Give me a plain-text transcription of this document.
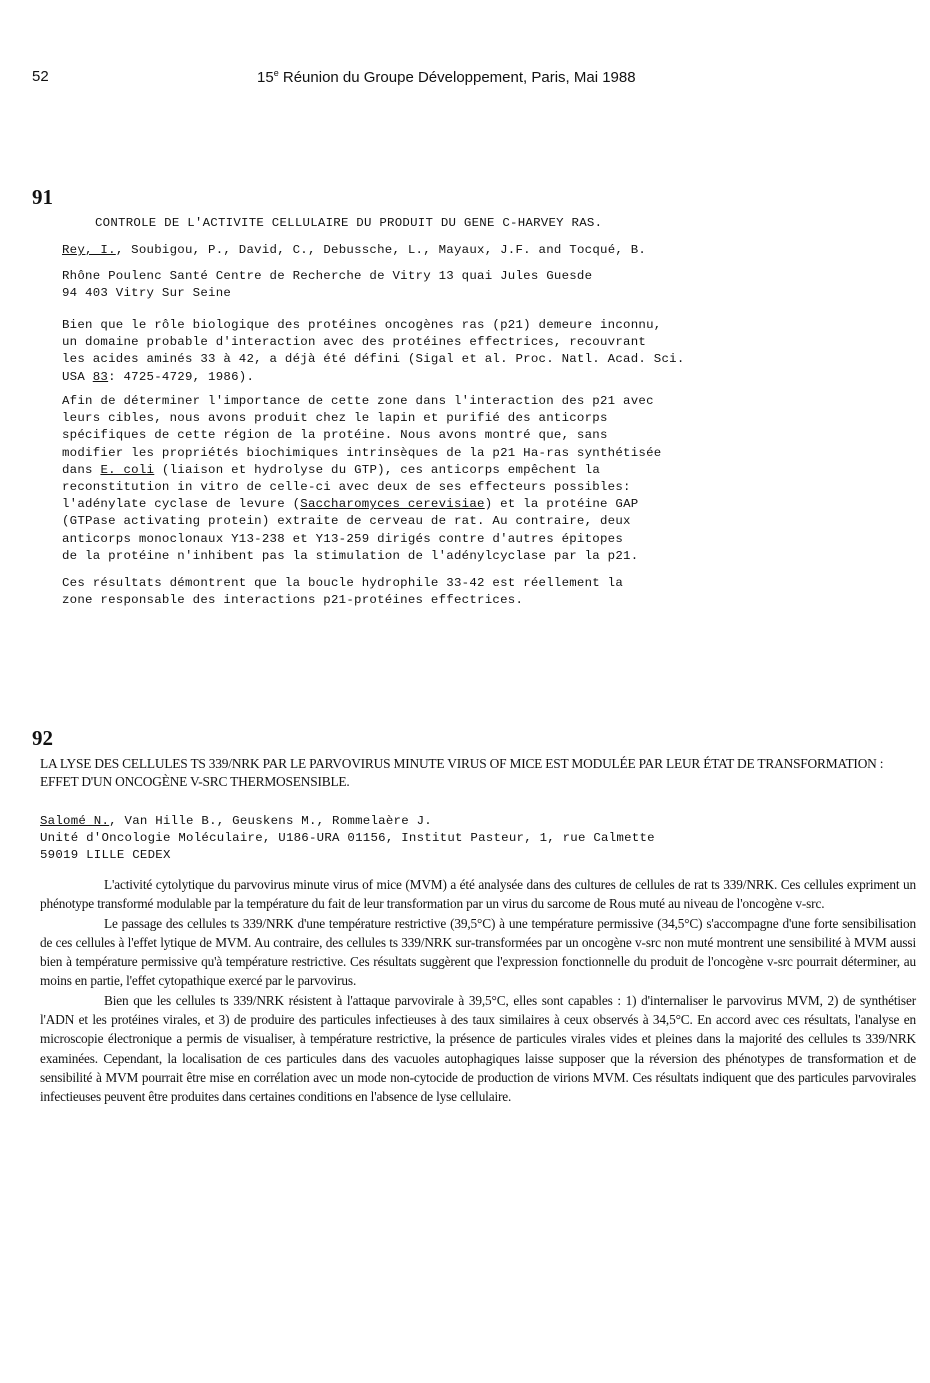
52	15e Réunion du Groupe Développement, Paris, Mai 1988
91
CONTROLE DE L'ACTIVITE CELLULAIRE DU PRODUIT DU GENE C-HARVEY RAS.
Rey, I., Soubigou, P., David, C., Debussche, L., Mayaux, J.F. and Tocqué, B.
Rhône Poulenc Santé Centre de Recherche de Vitry 13 quai Jules Guesde
94 403 Vitry Sur Seine
Bien que le rôle biologique des protéines oncogènes ras (p21) demeure inconnu,
un domaine probable d'interaction avec des protéines effectrices, recouvrant
les acides aminés 33 à 42, a déjà été défini (Sigal et al. Proc. Natl. Acad. Sci.
USA 83: 4725-4729, 1986).
Afin de déterminer l'importance de cette zone dans l'interaction des p21 avec
leurs cibles, nous avons produit chez le lapin et purifié des anticorps
spécifiques de cette région de la protéine. Nous avons montré que, sans
modifier les propriétés biochimiques intrinsèques de la p21 Ha-ras synthétisée
dans E. coli (liaison et hydrolyse du GTP), ces anticorps empêchent la
reconstitution in vitro de celle-ci avec deux de ses effecteurs possibles:
l'adénylate cyclase de levure (Saccharomyces cerevisiae) et la protéine GAP
(GTPase activating protein) extraite de cerveau de rat. Au contraire, deux
anticorps monoclonaux Y13-238 et Y13-259 dirigés contre d'autres épitopes
de la protéine n'inhibent pas la stimulation de l'adénylcyclase par la p21.
Ces résultats démontrent que la boucle hydrophile 33-42 est réellement la
zone responsable des interactions p21-protéines effectrices.
92
LA LYSE DES CELLULES TS 339/NRK PAR LE PARVOVIRUS MINUTE VIRUS OF MICE EST MODULÉE PAR LEUR ÉTAT DE TRANSFORMATION : EFFET D'UN ONCOGÈNE V-SRC THERMOSENSIBLE.
Salomé N., Van Hille B., Geuskens M., Rommelaère J.
Unité d'Oncologie Moléculaire, U186-URA 01156, Institut Pasteur, 1, rue Calmette
59019 LILLE CEDEX

L'activité cytolytique du parvovirus minute virus of mice (MVM) a été analysée dans des cultures de cellules de rat ts 339/NRK. Ces cellules expriment un phénotype transformé modulable par la température du fait de leur transformation par un virus du sarcome de Rous muté au niveau de l'oncogène v-src.

Le passage des cellules ts 339/NRK d'une température restrictive (39,5°C) à une température permissive (34,5°C) s'accompagne d'une forte sensibilisation de ces cellules à l'effet lytique de MVM. Au contraire, des cellules ts 339/NRK sur-transformées par un oncogène v-src non muté montrent une sensibilité à MVM aussi bien à température permissive qu'à température restrictive. Ces résultats suggèrent que l'expression fonctionnelle du produit de l'oncogène v-src pourrait déterminer, au moins en partie, l'effet cytopathique exercé par le parvovirus.

Bien que les cellules ts 339/NRK résistent à l'attaque parvovirale à 39,5°C, elles sont capables : 1) d'internaliser le parvovirus MVM, 2) de synthétiser l'ADN et les protéines virales, et 3) de produire des particules infectieuses à des taux similaires à ceux observés à 34,5°C. En accord avec ces résultats, l'analyse en microscopie électronique a permis de visualiser, à température restrictive, la présence de particules virales vides et pleines dans la majorité des cellules ts 339/NRK examinées. Cependant, la localisation de ces particules dans des vacuoles autophagiques laisse supposer que la réversion des phénotypes de transformation et de sensibilité à MVM pourrait être mise en corrélation avec un mode non-cytocide de production de virions MVM. Ces résultats indiquent que des particules parvovirales infectieuses peuvent être produites dans certaines conditions en l'absence de lyse cellulaire.
